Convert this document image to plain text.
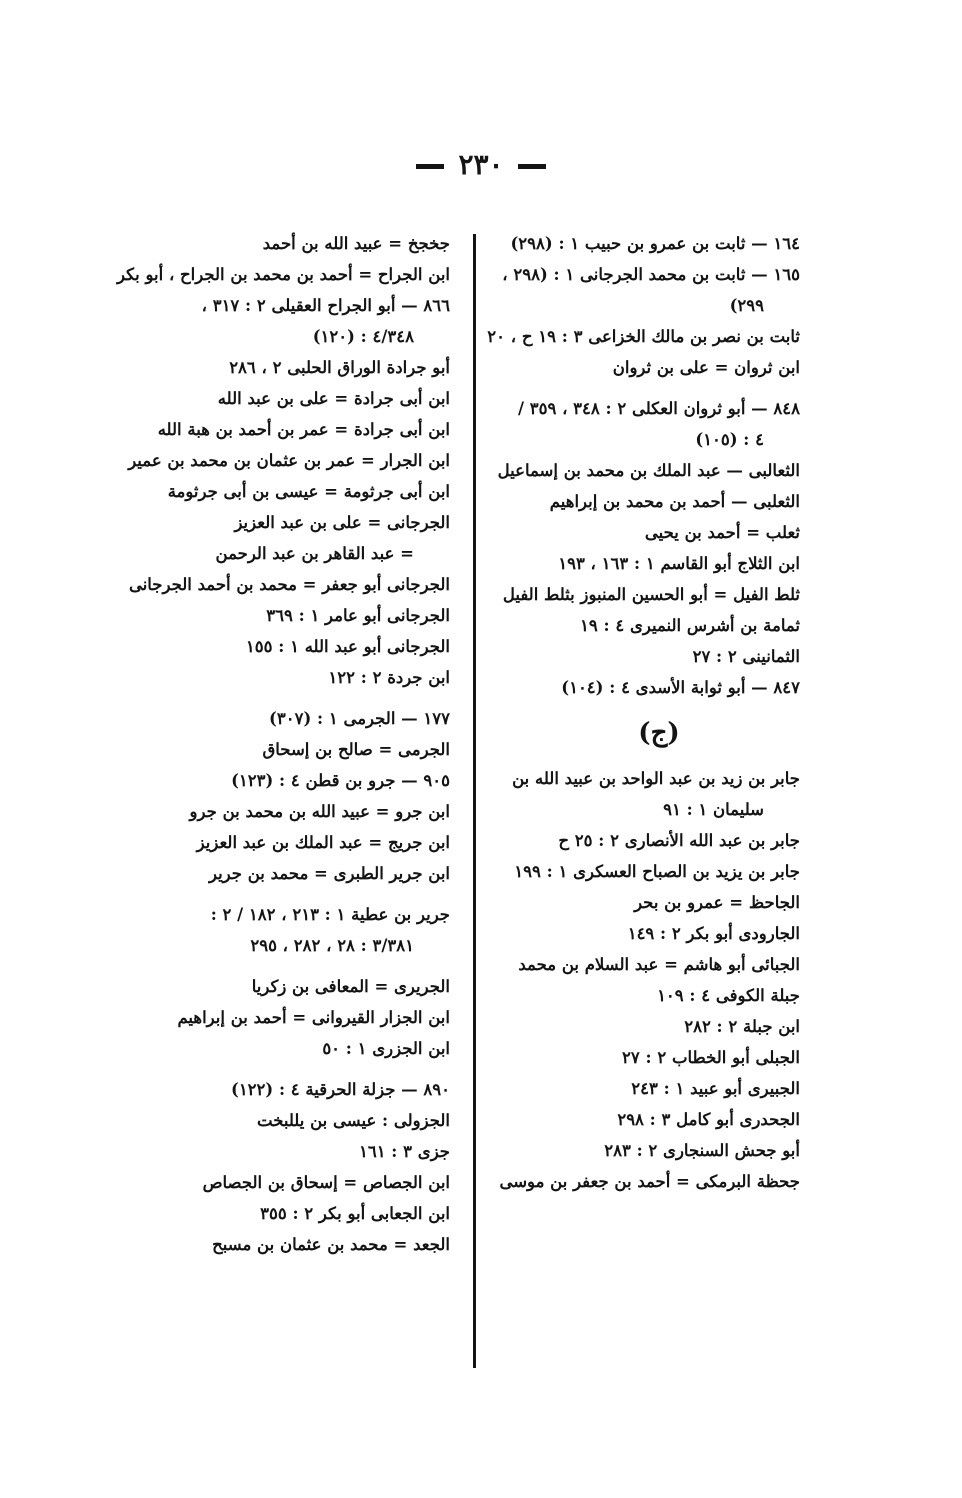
٢٣٠
١٦٤ — ثابت بن عمرو بن حبيب ١ : (٢٩٨)
١٦٥ — ثابت بن محمد الجرجانى ١ : (٢٩٨ ،
٢٩٩)
ثابت بن نصر بن مالك الخزاعى ٣ : ١٩ ح ، ٢٠
ابن ثروان = على بن ثروان
٨٤٨ — أبو ثروان العكلى ٢ : ٣٤٨ ، ٣٥٩ /
٤ : (١٠٥)
الثعالبى — عبد الملك بن محمد بن إسماعيل
الثعلبى — أحمد بن محمد بن إبراهيم
ثعلب = أحمد بن يحيى
ابن الثلاج أبو القاسم ١ : ١٦٣ ، ١٩٣
ثلط الفيل = أبو الحسين المنبوز بثلط الفيل
ثمامة بن أشرس النميرى ٤ : ١٩
الثمانينى ٢ : ٢٧
٨٤٧ — أبو ثوابة الأسدى ٤ : (١٠٤)
(ج)
جابر بن زيد بن عبد الواحد بن عبيد الله بن
سليمان ١ : ٩١
جابر بن عبد الله الأنصارى ٢ : ٢٥ ح
جابر بن يزيد بن الصباح العسكرى ١ : ١٩٩
الجاحظ = عمرو بن بحر
الجارودى أبو بكر ٢ : ١٤٩
الجبائى أبو هاشم = عبد السلام بن محمد
جبلة الكوفى ٤ : ١٠٩
ابن جبلة ٢ : ٢٨٢
الجبلى أبو الخطاب ٢ : ٢٧
الجبيرى أبو عبيد ١ : ٢٤٣
الجحدرى أبو كامل ٣ : ٢٩٨
أبو جحش السنجارى ٢ : ٢٨٣
جحظة البرمكى = أحمد بن جعفر بن موسى
جخجخ = عبيد الله بن أحمد
ابن الجراح = أحمد بن محمد بن الجراح ، أبو بكر
٨٦٦ — أبو الجراح العقيلى ٢ : ٣١٧ ،
٤/٣٤٨ : (١٢٠)
أبو جرادة الوراق الحلبى ٢ ، ٢٨٦
ابن أبى جرادة = على بن عبد الله
ابن أبى جرادة = عمر بن أحمد بن هبة الله
ابن الجرار = عمر بن عثمان بن محمد بن عمير
ابن أبى جرثومة = عيسى بن أبى جرثومة
الجرجانى = على بن عبد العزيز
= عبد القاهر بن عبد الرحمن
الجرجانى أبو جعفر = محمد بن أحمد الجرجانى
الجرجانى أبو عامر ١ : ٣٦٩
الجرجانى أبو عبد الله ١ : ١٥٥
ابن جردة ٢ : ١٢٢
١٧٧ — الجرمى ١ : (٣٠٧)
الجرمى = صالح بن إسحاق
٩٠٥ — جرو بن قطن ٤ : (١٢٣)
ابن جرو = عبيد الله بن محمد بن جرو
ابن جريج = عبد الملك بن عبد العزيز
ابن جرير الطبرى = محمد بن جرير
جرير بن عطية ١ : ٢١٣ ، ١٨٢ / ٢ :
٣/٣٨١ : ٢٨ ، ٢٨٢ ، ٢٩٥
الجريرى = المعافى بن زكريا
ابن الجزار القيروانى = أحمد بن إبراهيم
ابن الجزرى ١ : ٥٠
٨٩٠ — جزلة الحرقية ٤ : (١٢٢)
الجزولى : عيسى بن يللبخت
جزى ٣ : ١٦١
ابن الجصاص = إسحاق بن الجصاص
ابن الجعابى أبو بكر ٢ : ٣٥٥
الجعد = محمد بن عثمان بن مسبح
